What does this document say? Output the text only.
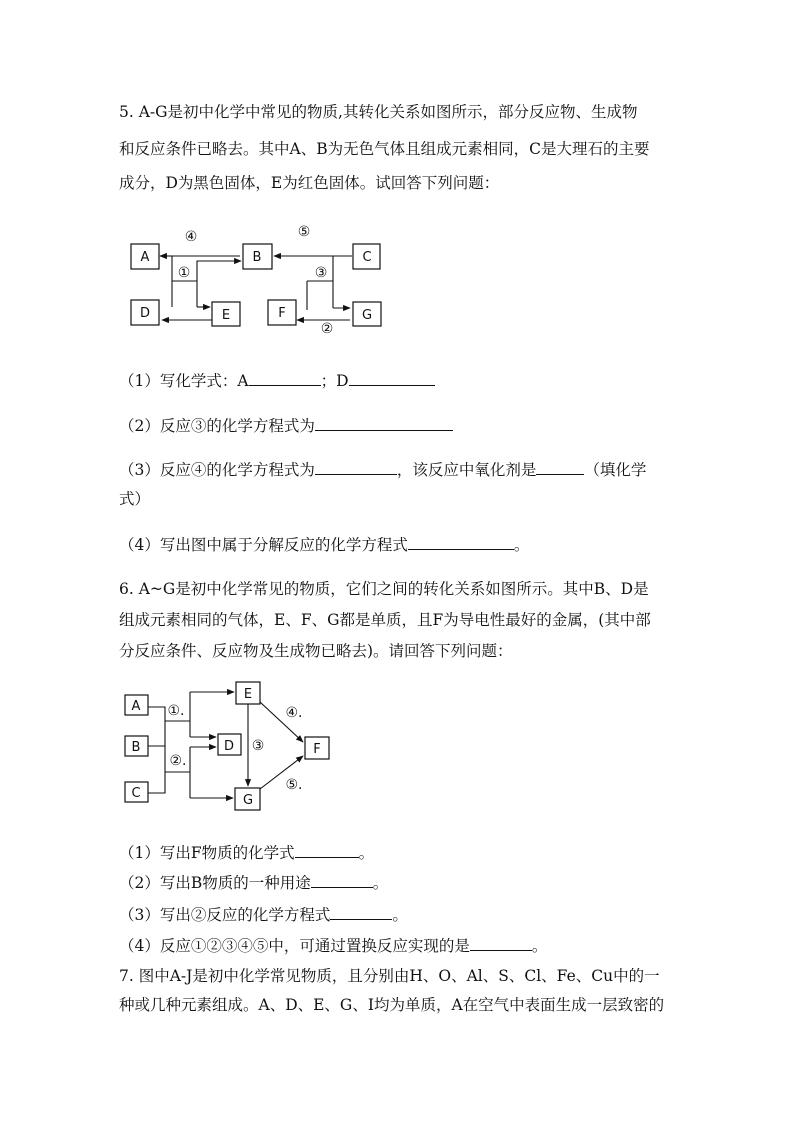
5. A-G是初中化学中常见的物质,其转化关系如图所示，部分反应物、生成物
和反应条件已略去。其中A、B为无色气体且组成元素相同，C是大理石的主要
成分，D为黑色固体，E为红色固体。试回答下列问题：
A	B	C
D	E	F	G
①
②
③
④	⑤
（1）写化学式：A	；D
（2）反应③的化学方程式为
（3）反应④的化学方程式为	，该反应中氧化剂是	（填化学
式）
（4）写出图中属于分解反应的化学方程式	。
6. A~G是初中化学常见的物质，它们之间的转化关系如图所示。其中B、D是
组成元素相同的气体，E、F、G都是单质，且F为导电性最好的金属，(其中部
分反应条件、反应物及生成物已略去)。请回答下列问题：
A
B
C
D
E
F
G
①.
②.
③
④.
⑤.
（1）写出F物质的化学式	。
（2）写出B物质的一种用途	。
（3）写出②反应的化学方程式	。
（4）反应①②③④⑤中，可通过置换反应实现的是	。
7. 图中A-J是初中化学常见物质，且分别由H、O、Al、S、Cl、Fe、Cu中的一
种或几种元素组成。A、D、E、G、I均为单质，A在空气中表面生成一层致密的
